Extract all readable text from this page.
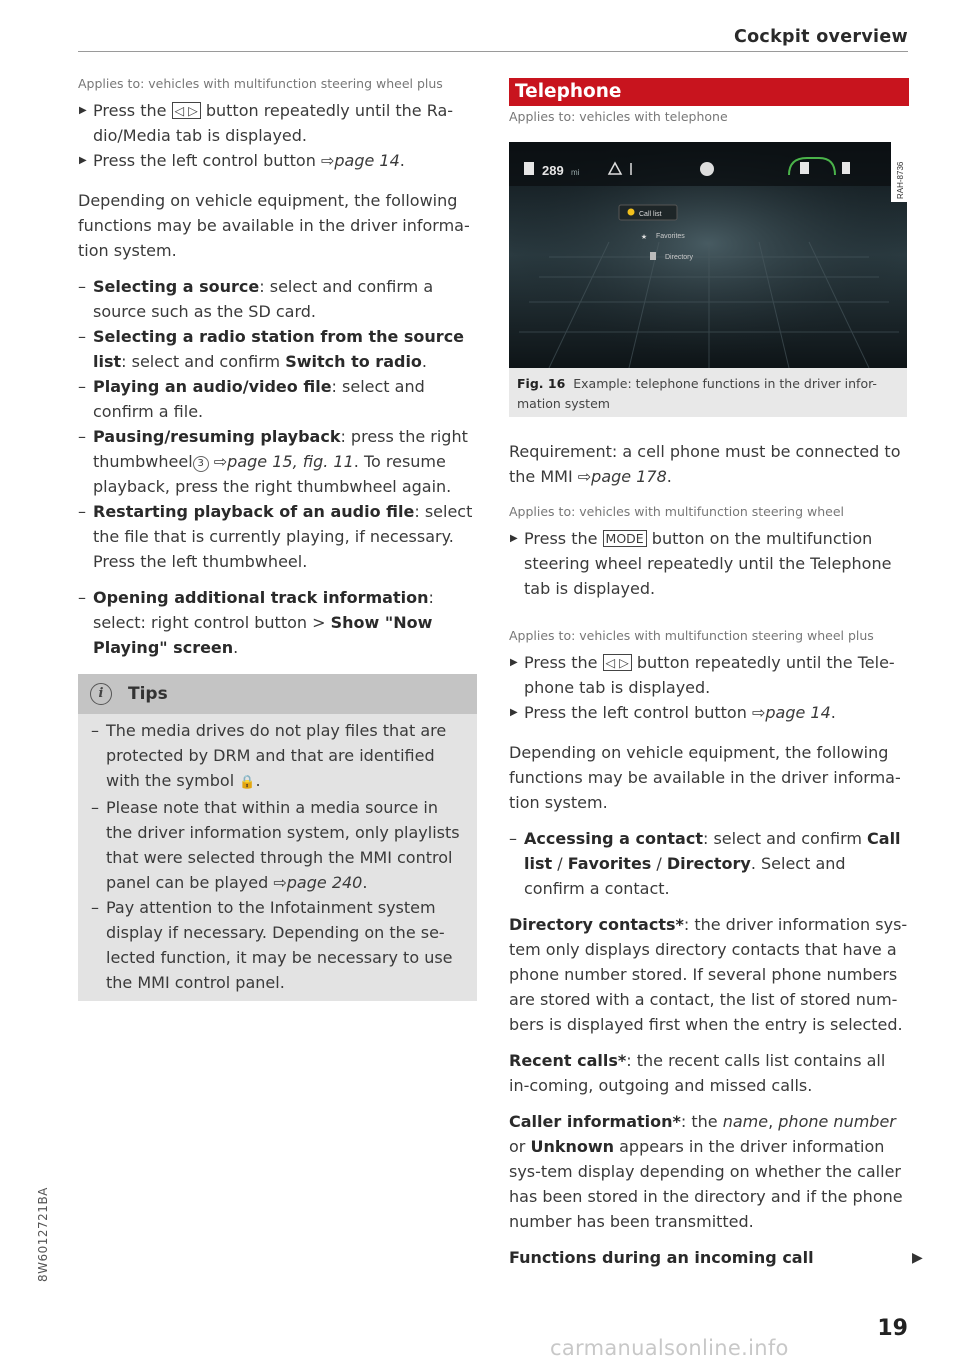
Cockpit overview
Applies to: vehicles with multifunction steering wheel plus
▶ Press the ◁ ▷ button repeatedly until the Ra-
dio/Media tab is displayed.
▶ Press the left control button ⇨page 14.
Depending on vehicle equipment, the following functions may be available in the driver informa-tion system.
– Selecting a source: select and confirm a source such as the SD card.
– Selecting a radio station from the source list: select and confirm Switch to radio.
– Playing an audio/video file: select and confirm a file.
– Pausing/resuming playback: press the right thumbwheel 3 ⇨page 15, fig. 11. To resume playback, press the right thumbwheel again.
– Restarting playback of an audio file: select the file that is currently playing, if necessary. Press the left thumbwheel.
– Opening additional track information: select: right control button > Show "Now Playing" screen.
i	Tips
– The media drives do not play files that are protected by DRM and that are identified with the symbol 🔒.
– Please note that within a media source in the driver information system, only playlists that were selected through the MMI control panel can be played ⇨page 240.
– Pay attention to the Infotainment system display if necessary. Depending on the se-lected function, it may be necessary to use the MMI control panel.
Telephone
Applies to: vehicles with telephone
289 mi	RAH-8736
Call list
★ Favorites
Directory
Fig. 16 Example: telephone functions in the driver infor-mation system
Requirement: a cell phone must be connected to the MMI ⇨page 178.
Applies to: vehicles with multifunction steering wheel
▶ Press the MODE button on the multifunction steering wheel repeatedly until the Telephone tab is displayed.
Applies to: vehicles with multifunction steering wheel plus
▶ Press the ◁ ▷ button repeatedly until the Tele-phone tab is displayed.
▶ Press the left control button ⇨page 14.
Depending on vehicle equipment, the following functions may be available in the driver informa-tion system.
– Accessing a contact: select and confirm Call list / Favorites / Directory. Select and confirm a contact.
Directory contacts*: the driver information sys-tem only displays directory contacts that have a phone number stored. If several phone numbers are stored with a contact, the list of stored num-bers is displayed first when the entry is selected.
Recent calls*: the recent calls list contains all in-coming, outgoing and missed calls.
Caller information*: the name, phone number or Unknown appears in the driver information sys-tem display depending on whether the caller has been stored in the directory and if the phone number has been transmitted.
Functions during an incoming call	▶
8W6012721BA
19
carmanualsonline.info
